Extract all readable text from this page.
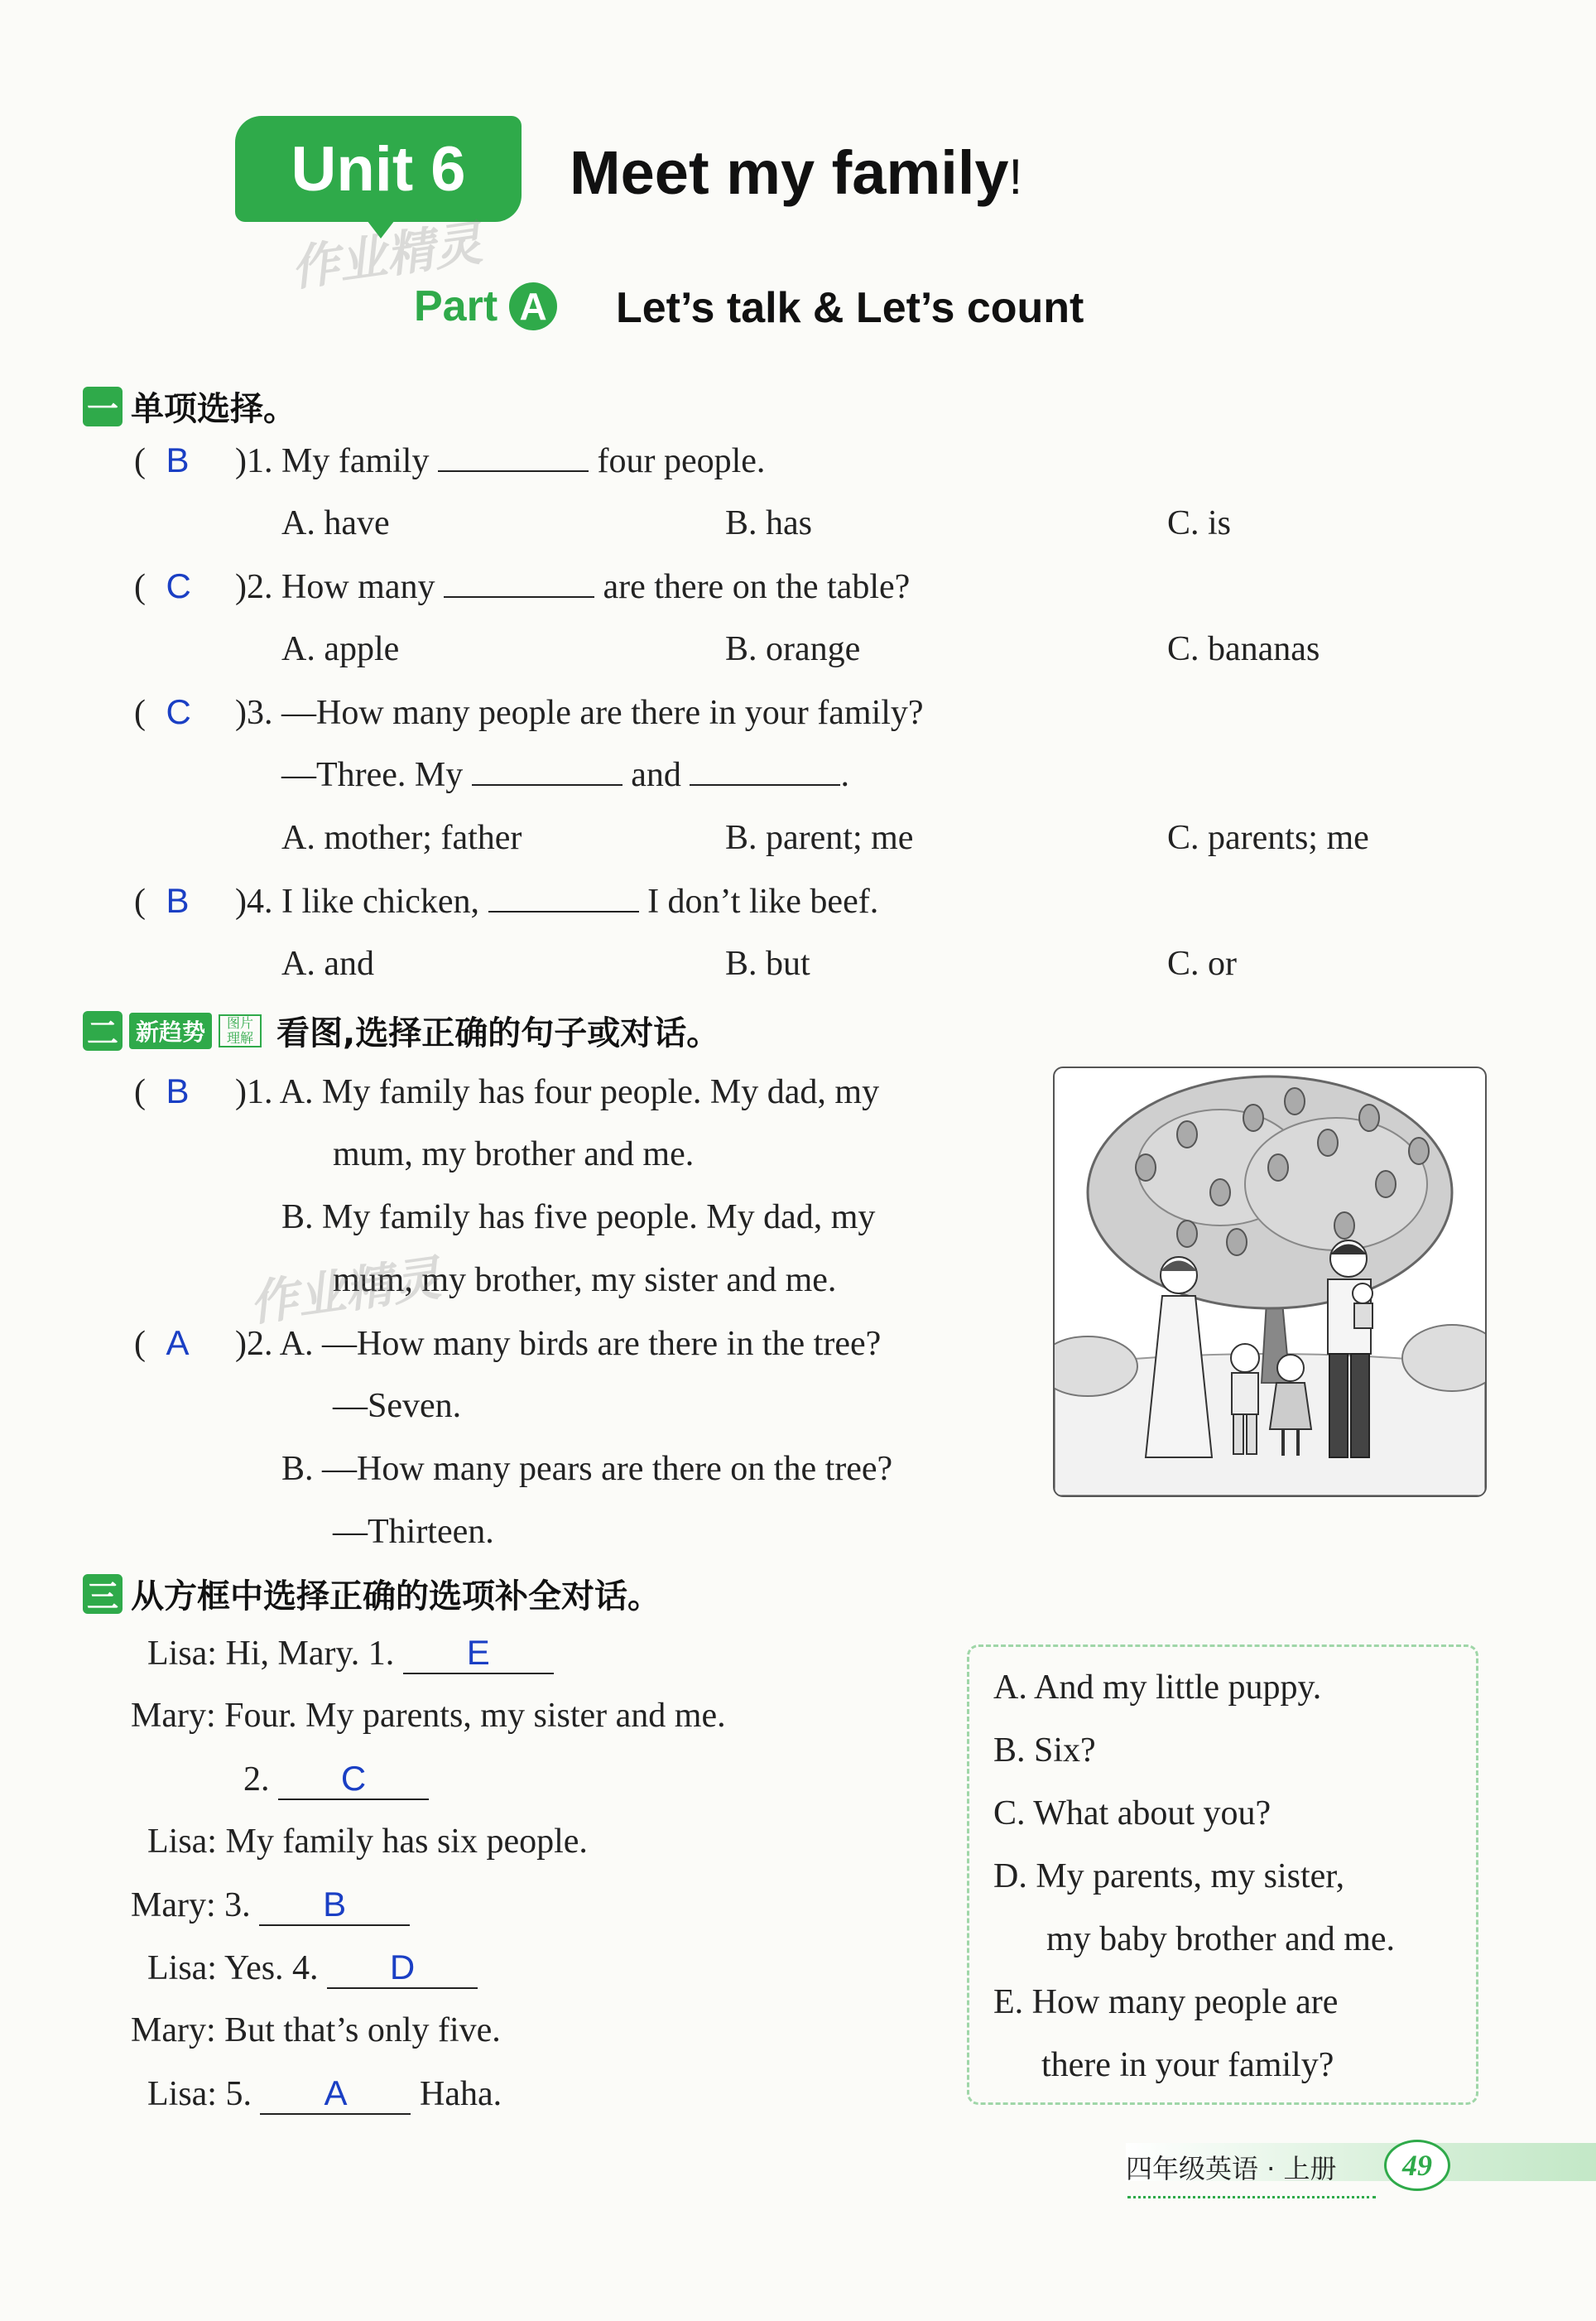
Unit 6	Meet my family!
作业精灵
Part A Let’s talk & Let’s count
一 单项选择。
( B )1. My family	four people.
A. have	B. has	C. is
( C )2. How many	are there on the table?
A. apple	B. orange	C. bananas
( C )3. —How many people are there in your family?
—Three. My	and	.
A. mother; father	B. parent; me	C. parents; me
( B )4. I like chicken,	I don’t like beef.
A. and	B. but	C. or
二 新趋势	图片理解 看图,选择正确的句子或对话。
( B )1. A. My family has four people. My dad, my
mum, my brother and me.
B. My family has five people. My dad, my
mum, my brother, my sister and me.
作业精灵
( A )2. A. —How many birds are there in the tree?
—Seven.
B. —How many pears are there on the tree?
—Thirteen.
三 从方框中选择正确的选项补全对话。
Lisa: Hi, Mary. 1. E
Mary: Four. My parents, my sister and me.
2. C
Lisa: My family has six people.
Mary: 3. B
Lisa: Yes. 4. D
Mary: But that’s only five.
Lisa: 5. A Haha.
A. And my little puppy.
B. Six?
C. What about you?
D. My parents, my sister,
my baby brother and me.
E. How many people are
there in your family?
四年级英语 · 上册	49
